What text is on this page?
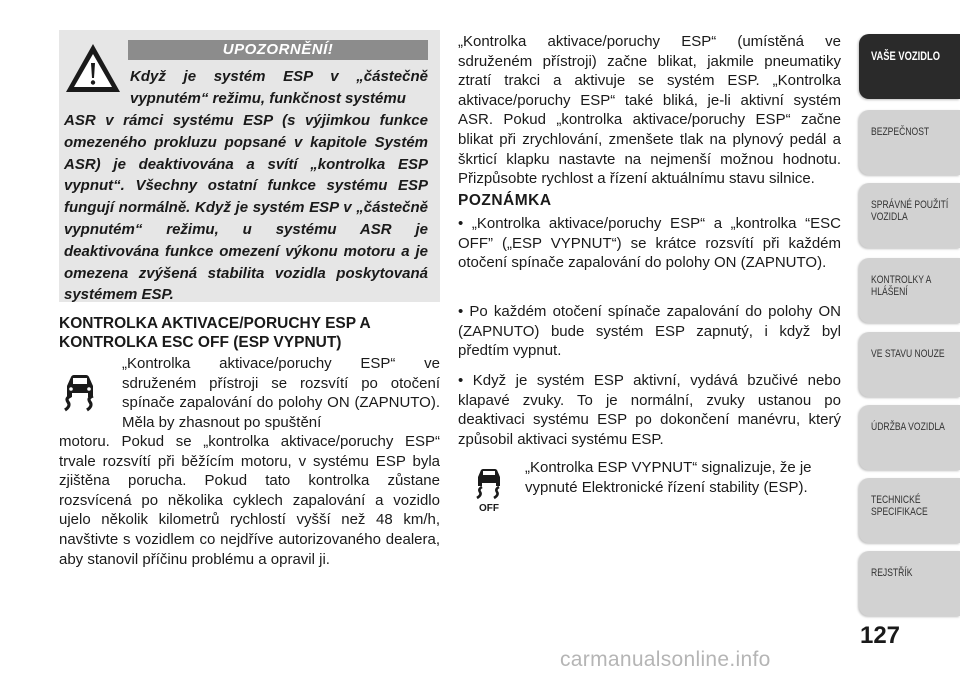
UPOZORNĚNÍ!

Když je systém ESP v „částečně vypnutém“ režimu, funkčnost systému

ASR v rámci systému ESP (s výjimkou funkce omezeného prokluzu popsané v kapitole Systém ASR) je deaktivována a svítí „kontrolka ESP vypnut“. Všechny ostatní funkce systému ESP fungují normálně. Když je systém ESP v „částečně vypnutém“ režimu, u systému ASR je deaktivována funkce omezení výkonu motoru a je omezena zvýšená stabilita vozidla poskytovaná systémem ESP.

KONTROLKA AKTIVACE/PORUCHY ESP A KONTROLKA ESC OFF (ESP VYPNUT)

„Kontrolka aktivace/poruchy ESP“ ve sdruženém přístroji se rozsvítí po otočení spínače zapalování do polohy ON (ZAPNUTO). Měla by zhasnout po spuštění

motoru. Pokud se „kontrolka aktivace/poruchy ESP“ trvale rozsvítí při běžícím motoru, v systému ESP byla zjištěna porucha. Pokud tato kontrolka zůstane rozsvícená po několika cyklech zapalování a vozidlo ujelo několik kilometrů rychlostí vyšší než 48 km/h, navštivte s vozidlem co nejdříve autorizovaného dealera, aby stanovil příčinu problému a opravil ji.

„Kontrolka aktivace/poruchy ESP“ (umístěná ve sdruženém přístroji) začne blikat, jakmile pneumatiky ztratí trakci a aktivuje se systém ESP. „Kontrolka aktivace/poruchy ESP“ také bliká, je-li aktivní systém ASR. Pokud „kontrolka aktivace/poruchy ESP“ začne blikat při zrychlování, zmenšete tlak na plynový pedál a škrticí klapku nastavte na nejmenší možnou hodnotu. Přizpůsobte rychlost a řízení aktuálnímu stavu silnice.

POZNÁMKA

• „Kontrolka aktivace/poruchy ESP“ a „kontrolka “ESC OFF” („ESP VYPNUT“) se krátce rozsvítí při každém otočení spínače zapalování do polohy ON (ZAPNUTO).

• Po každém otočení spínače zapalování do polohy ON (ZAPNUTO) bude systém ESP zapnutý, i když byl předtím vypnut.

• Když je systém ESP aktivní, vydává bzučivé nebo klapavé zvuky. To je normální, zvuky ustanou po deaktivaci systému ESP po dokončení manévru, který způsobil aktivaci systému ESP.

OFF

„Kontrolka ESP VYPNUT“ signalizuje, že je vypnuté Elektronické řízení stability (ESP).

VAŠE VOZIDLO
BEZPEČNOST
SPRÁVNÉ POUŽITÍ VOZIDLA
KONTROLKY A HLÁŠENÍ
VE STAVU NOUZE
ÚDRŽBA VOZIDLA
TECHNICKÉ SPECIFIKACE
REJSTŘÍK
127
carmanualsonline.info
